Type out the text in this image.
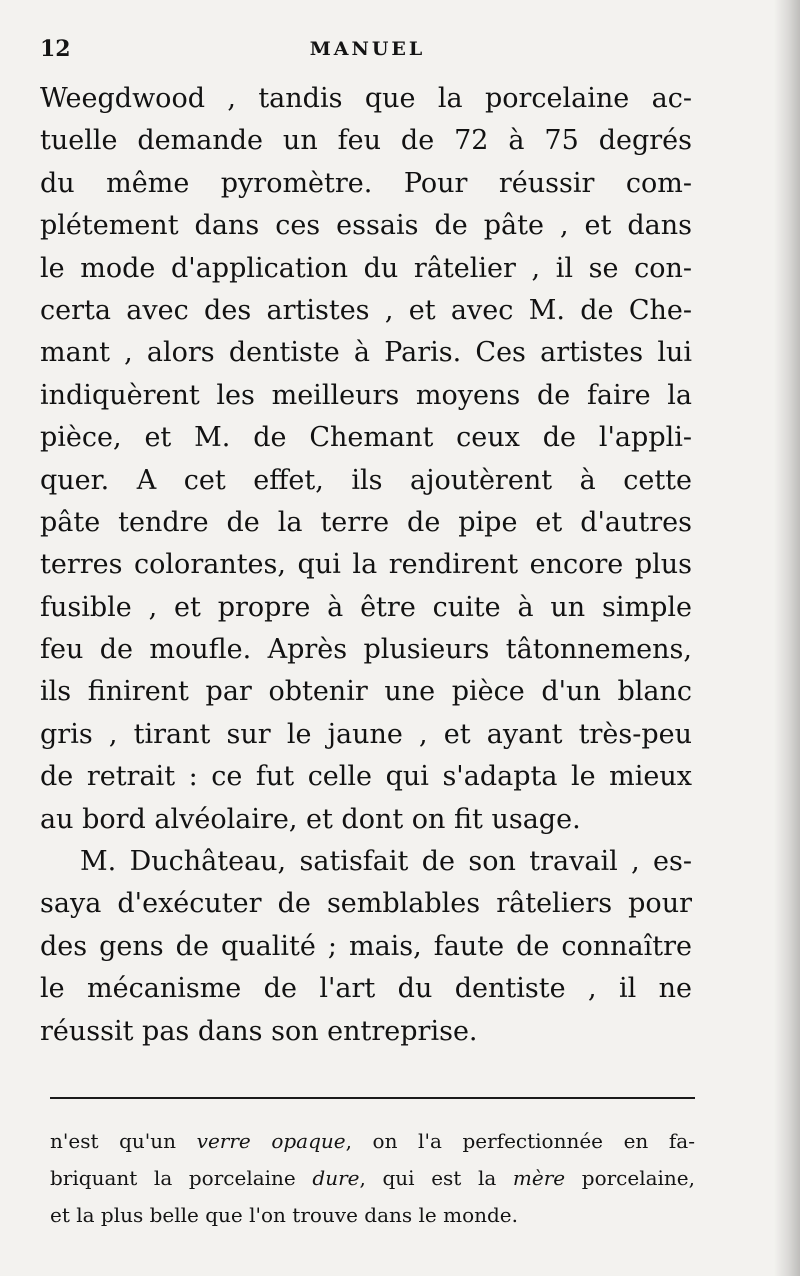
12	MANUEL
Weegdwood , tandis que la porcelaine ac-
tuelle demande un feu de 72 à 75 degrés
du même pyromètre. Pour réussir com-
plétement dans ces essais de pâte , et dans
le mode d'application du râtelier , il se con-
certa avec des artistes , et avec M. de Che-
mant , alors dentiste à Paris. Ces artistes lui
indiquèrent les meilleurs moyens de faire la
pièce, et M. de Chemant ceux de l'appli-
quer. A cet effet, ils ajoutèrent à cette
pâte tendre de la terre de pipe et d'autres
terres colorantes, qui la rendirent encore plus
fusible , et propre à être cuite à un simple
feu de moufle. Après plusieurs tâtonnemens,
ils finirent par obtenir une pièce d'un blanc
gris , tirant sur le jaune , et ayant très-peu
de retrait : ce fut celle qui s'adapta le mieux
au bord alvéolaire, et dont on fit usage.
M. Duchâteau, satisfait de son travail , es-
saya d'exécuter de semblables râteliers pour
des gens de qualité ; mais, faute de connaître
le mécanisme de l'art du dentiste , il ne
réussit pas dans son entreprise.
n'est qu'un verre opaque, on l'a perfectionnée en fa-
briquant la porcelaine dure, qui est la mère porcelaine,
et la plus belle que l'on trouve dans le monde.
